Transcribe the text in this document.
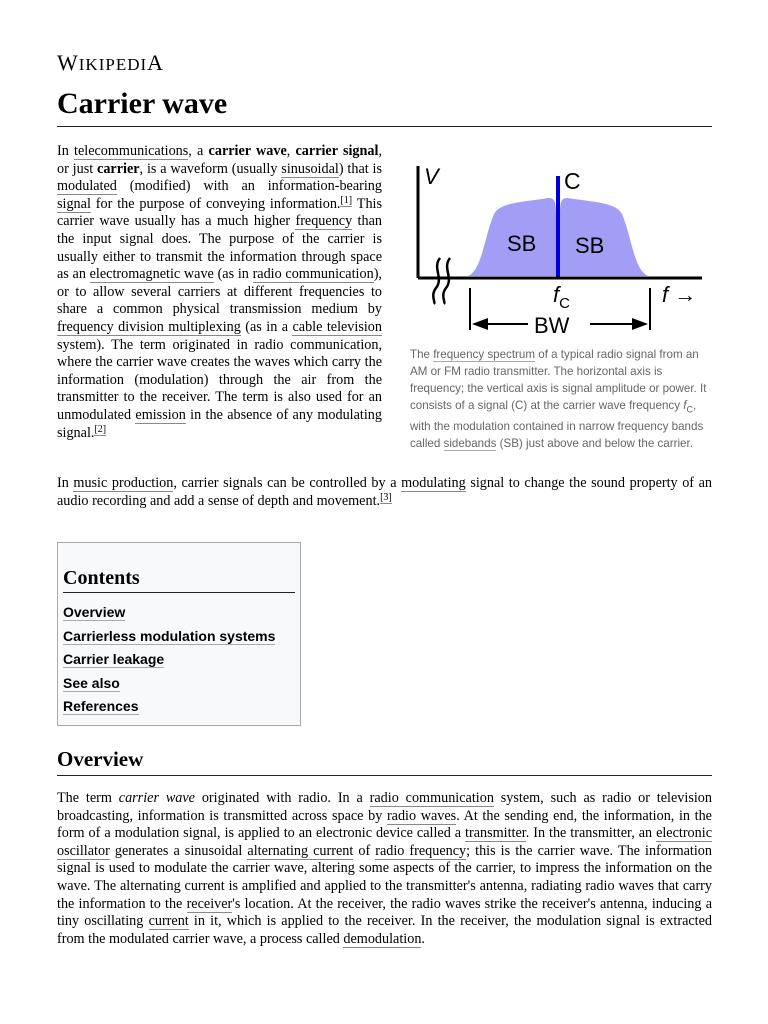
WIKIPEDIA
Carrier wave

In telecommunications, a carrier wave, carrier signal, or just carrier, is a waveform (usually sinusoidal) that is modulated (modified) with an information-bearing signal for the purpose of conveying information.[1] This carrier wave usually has a much higher frequency than the input signal does. The purpose of the carrier is usually either to transmit the information through space as an electromagnetic wave (as in radio communication), or to allow several carriers at different frequencies to share a common physical transmission medium by frequency division multiplexing (as in a cable television system). The term originated in radio communication, where the carrier wave creates the waves which carry the information (modulation) through the air from the transmitter to the receiver. The term is also used for an unmodulated emission in the absence of any modulating signal.[2]

V	C
SB SB
$f_C$	f →
BW
The frequency spectrum of a typical radio signal from an AM or FM radio transmitter. The horizontal axis is frequency; the vertical axis is signal amplitude or power. It consists of a signal (C) at the carrier wave frequency $f_C$, with the modulation contained in narrow frequency bands called sidebands (SB) just above and below the carrier.

In music production, carrier signals can be controlled by a modulating signal to change the sound property of an audio recording and add a sense of depth and movement.[3]

Contents
Overview
Carrierless modulation systems
Carrier leakage
See also
References
Overview

The term carrier wave originated with radio. In a radio communication system, such as radio or television broadcasting, information is transmitted across space by radio waves. At the sending end, the information, in the form of a modulation signal, is applied to an electronic device called a transmitter. In the transmitter, an electronic oscillator generates a sinusoidal alternating current of radio frequency; this is the carrier wave. The information signal is used to modulate the carrier wave, altering some aspects of the carrier, to impress the information on the wave. The alternating current is amplified and applied to the transmitter's antenna, radiating radio waves that carry the information to the receiver's location. At the receiver, the radio waves strike the receiver's antenna, inducing a tiny oscillating current in it, which is applied to the receiver. In the receiver, the modulation signal is extracted from the modulated carrier wave, a process called demodulation.
